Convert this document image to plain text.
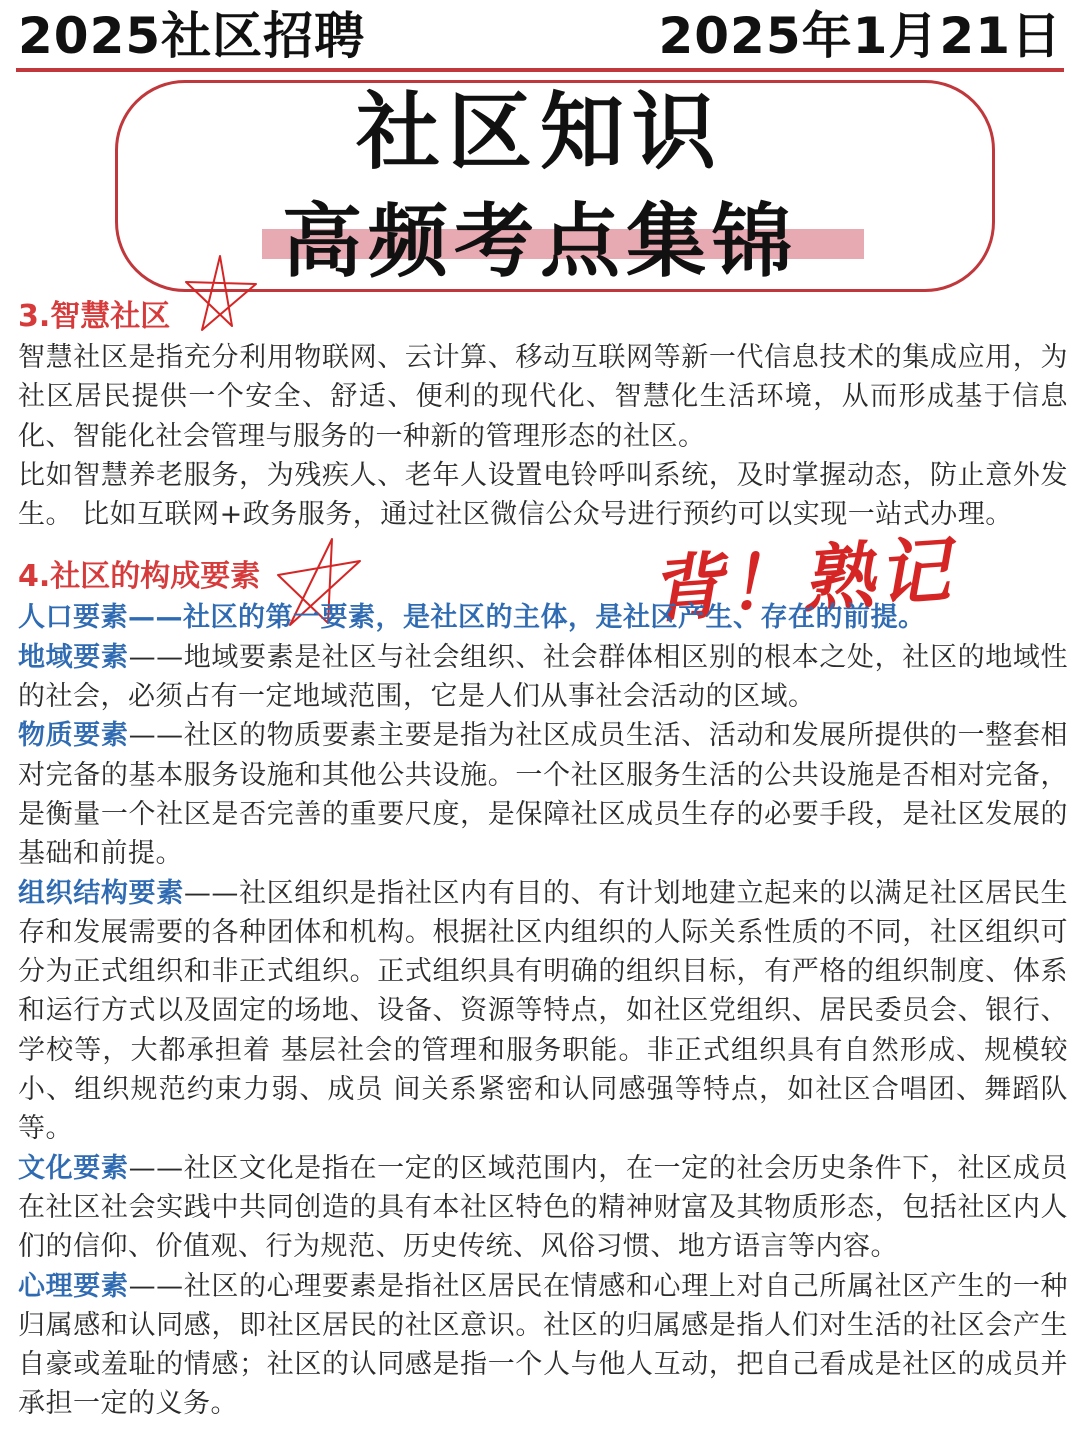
2025社区招聘	2025年1月21日
社区知识
高频考点集锦
背！熟记
3.智慧社区
智慧社区是指充分利用物联网、云计算、移动互联网等新一代信息技术的集成应用，为社区居民提供一个安全、舒适、便利的现代化、智慧化生活环境，从而形成基于信息化、智能化社会管理与服务的一种新的管理形态的社区。
比如智慧养老服务，为残疾人、老年人设置电铃呼叫系统，及时掌握动态，防止意外发生。 比如互联网+政务服务，通过社区微信公众号进行预约可以实现一站式办理。
4.社区的构成要素
人口要素——社区的第一要素，是社区的主体，是社区产生、存在的前提。
地域要素——地域要素是社区与社会组织、社会群体相区别的根本之处，社区的地域性的社会，必须占有一定地域范围，它是人们从事社会活动的区域。
物质要素——社区的物质要素主要是指为社区成员生活、活动和发展所提供的一整套相对完备的基本服务设施和其他公共设施。一个社区服务生活的公共设施是否相对完备，是衡量一个社区是否完善的重要尺度，是保障社区成员生存的必要手段，是社区发展的基础和前提。
组织结构要素——社区组织是指社区内有目的、有计划地建立起来的以满足社区居民生存和发展需要的各种团体和机构。根据社区内组织的人际关系性质的不同，社区组织可分为正式组织和非正式组织。正式组织具有明确的组织目标，有严格的组织制度、体系和运行方式以及固定的场地、设备、资源等特点，如社区党组织、居民委员会、银行、学校等，大都承担着 基层社会的管理和服务职能。非正式组织具有自然形成、规模较小、组织规范约束力弱、成员 间关系紧密和认同感强等特点，如社区合唱团、舞蹈队等。
文化要素——社区文化是指在一定的区域范围内，在一定的社会历史条件下，社区成员在社区社会实践中共同创造的具有本社区特色的精神财富及其物质形态，包括社区内人们的信仰、价值观、行为规范、历史传统、风俗习惯、地方语言等内容。
心理要素——社区的心理要素是指社区居民在情感和心理上对自己所属社区产生的一种归属感和认同感，即社区居民的社区意识。社区的归属感是指人们对生活的社区会产生自豪或羞耻的情感；社区的认同感是指一个人与他人互动，把自己看成是社区的成员并承担一定的义务。
